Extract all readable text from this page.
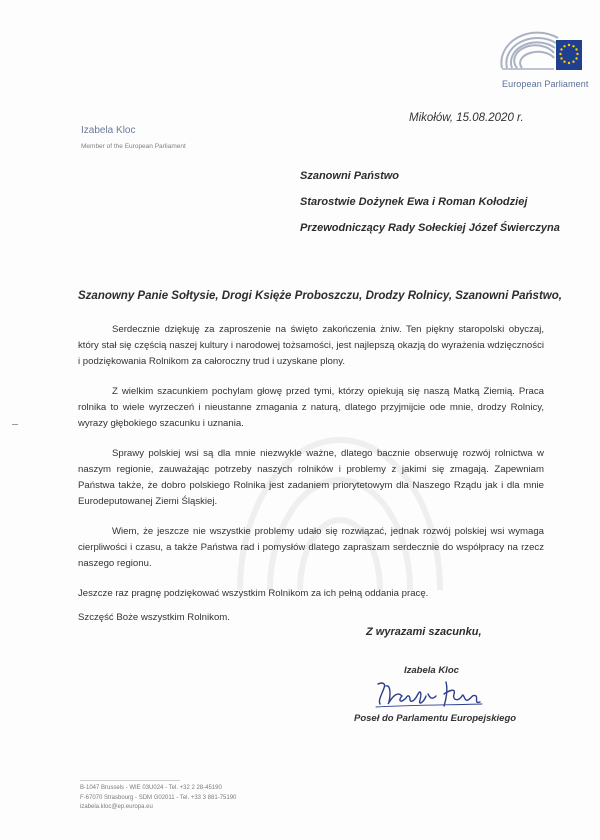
European Parliament
Izabela Kloc
Member of the European Parliament
Mikołów, 15.08.2020 r.
Szanowni Państwo
Starostwie Dożynek Ewa i Roman Kołodziej
Przewodniczący Rady Sołeckiej Józef Świerczyna
Szanowny Panie Sołtysie, Drogi Księże Proboszczu, Drodzy Rolnicy, Szanowni Państwo,

Serdecznie dziękuję za zaproszenie na święto zakończenia żniw. Ten piękny staropolski obyczaj, który stał się częścią naszej kultury i narodowej tożsamości, jest najlepszą okazją do wyrażenia wdzięczności i podziękowania Rolnikom za całoroczny trud i uzyskane plony.

Z wielkim szacunkiem pochylam głowę przed tymi, którzy opiekują się naszą Matką Ziemią. Praca rolnika to wiele wyrzeczeń i nieustanne zmagania z naturą, dlatego przyjmijcie ode mnie, drodzy Rolnicy, wyrazy głębokiego szacunku i uznania.

Sprawy polskiej wsi są dla mnie niezwykle ważne, dlatego bacznie obserwuję rozwój rolnictwa w naszym regionie, zauważając potrzeby naszych rolników i problemy z jakimi się zmagają. Zapewniam Państwa także, że dobro polskiego Rolnika jest zadaniem priorytetowym dla Naszego Rządu jak i dla mnie Eurodeputowanej Ziemi Śląskiej.

Wiem, że jeszcze nie wszystkie problemy udało się rozwiązać, jednak rozwój polskiej wsi wymaga cierpliwości i czasu, a także Państwa rad i pomysłów dlatego zapraszam serdecznie do współpracy na rzecz naszego regionu.

Jeszcze raz pragnę podziękować wszystkim Rolnikom za ich pełną oddania pracę.

Szczęść Boże wszystkim Rolnikom.

Z wyrazami szacunku,
Izabela Kloc
Poseł do Parlamentu Europejskiego
B-1047 Brussels - WIE 03U024 - Tel. +32 2 28-45190
F-67070 Strasbourg - SDM G02011 - Tel. +33 3 881-75190
izabela.kloc@ep.europa.eu
